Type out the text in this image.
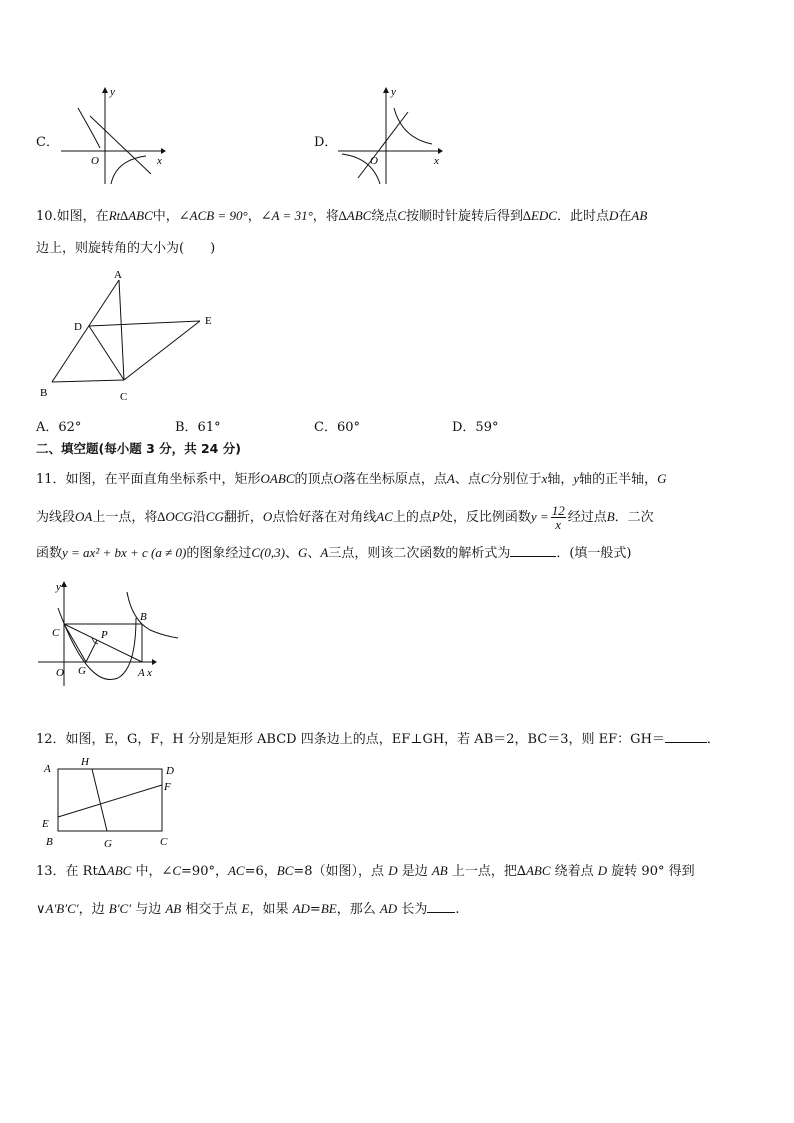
C．
y
x
O
D．
y
x
O
10.如图，在Rt∆ABC中，∠ACB = 90°，∠A = 31°，将∆ABC绕点C按顺时针旋转后得到∆EDC．此时点D在AB
边上，则旋转角的大小为(　　)
A
D	E
B	C
A．62°	B．61°	C．60°	D．59°
二、填空题(每小题 3 分，共 24 分)
11．如图，在平面直角坐标系中，矩形OABC的顶点O落在坐标原点，点A、点C分别位于x轴，y轴的正半轴，G
为线段OA上一点，将∆OCG沿CG翻折，O点恰好落在对角线AC上的点P处，反比例函数$y = \frac{12}{x}$ 经过点B．二次
函数y = ax² + bx + c (a ≠ 0)的图象经过C(0,3)、G、A三点，则该二次函数的解析式为	．(填一般式)
y
C	P
B
O G	A x
12．如图，E，G，F，H 分别是矩形 ABCD 四条边上的点，EF⊥GH，若 AB＝2，BC＝3，则 EF：GH＝	．
A
H
D
F
E
B	G	C
13．在 Rt∆ABC 中，∠C=90°，AC=6，BC=8（如图），点 D 是边 AB 上一点，把∆ABC 绕着点 D 旋转 90° 得到
∨A′B′C′，边 B′C′ 与边 AB 相交于点 E，如果 AD=BE，那么 AD 长为 .
